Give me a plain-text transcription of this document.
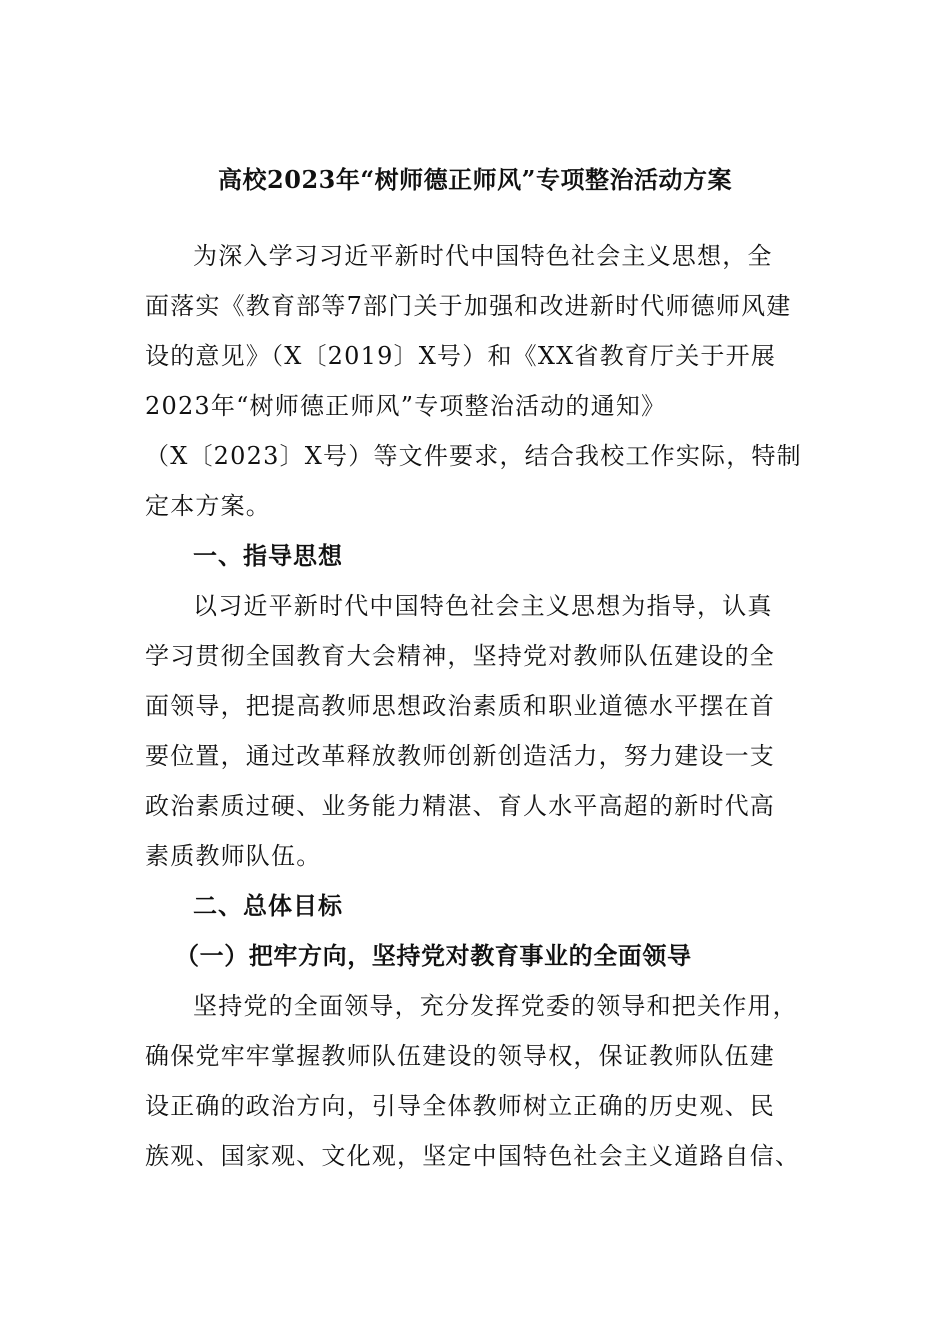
高校2023年“树师德正师风”专项整治活动方案
为深入学习习近平新时代中国特色社会主义思想，全
面落实《教育部等7部门关于加强和改进新时代师德师风建
设的意见》（X〔2019〕X号）和《XX省教育厅关于开展
2023年“树师德正师风”专项整治活动的通知》
（X〔2023〕X号）等文件要求，结合我校工作实际，特制
定本方案。
一、指导思想
以习近平新时代中国特色社会主义思想为指导，认真
学习贯彻全国教育大会精神，坚持党对教师队伍建设的全
面领导，把提高教师思想政治素质和职业道德水平摆在首
要位置，通过改革释放教师创新创造活力，努力建设一支
政治素质过硬、业务能力精湛、育人水平高超的新时代高
素质教师队伍。
二、总体目标
（一）把牢方向，坚持党对教育事业的全面领导
坚持党的全面领导，充分发挥党委的领导和把关作用，
确保党牢牢掌握教师队伍建设的领导权，保证教师队伍建
设正确的政治方向，引导全体教师树立正确的历史观、民
族观、国家观、文化观，坚定中国特色社会主义道路自信、
